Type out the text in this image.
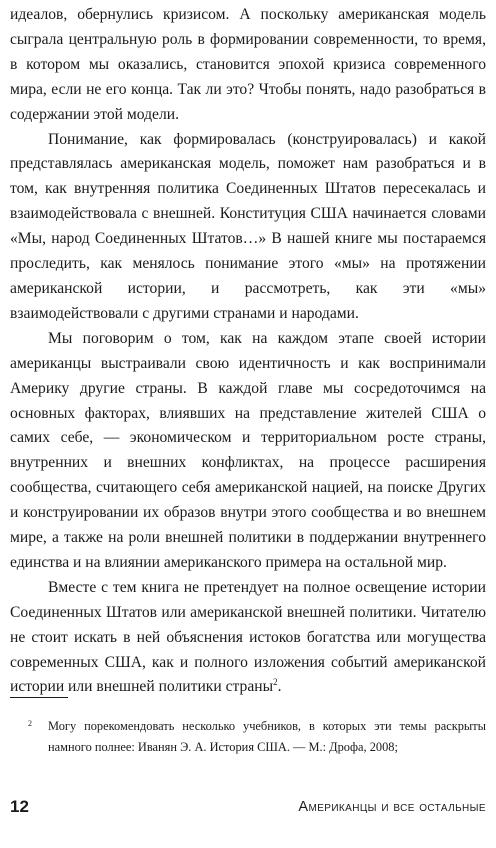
идеалов, обернулись кризисом. А поскольку американская модель сыграла центральную роль в формировании современности, то время, в котором мы оказались, становится эпохой кризиса современного мира, если не его конца. Так ли это? Чтобы понять, надо разобраться в содержании этой модели.

Понимание, как формировалась (конструировалась) и какой представлялась американская модель, поможет нам разобраться и в том, как внутренняя политика Соединенных Штатов пересекалась и взаимодействовала с внешней. Конституция США начинается словами «Мы, народ Соединенных Штатов…» В нашей книге мы постараемся проследить, как менялось понимание этого «мы» на протяжении американской истории, и рассмотреть, как эти «мы» взаимодействовали с другими странами и народами.

Мы поговорим о том, как на каждом этапе своей истории американцы выстраивали свою идентичность и как воспринимали Америку другие страны. В каждой главе мы сосредоточимся на основных факторах, влиявших на представление жителей США о самих себе, — экономическом и территориальном росте страны, внутренних и внешних конфликтах, на процессе расширения сообщества, считающего себя американской нацией, на поиске Других и конструировании их образов внутри этого сообщества и во внешнем мире, а также на роли внешней политики в поддержании внутреннего единства и на влиянии американского примера на остальной мир.

Вместе с тем книга не претендует на полное освещение истории Соединенных Штатов или американской внешней политики. Читателю не стоит искать в ней объяснения истоков богатства или могущества современных США, как и полного изложения событий американской истории или внешней политики страны$^2$.

2	Могу порекомендовать несколько учебников, в которых эти темы раскрыты намного полнее: Иванян Э. А. История США. — М.: Дрофа, 2008;
12	Американцы и все остальные
